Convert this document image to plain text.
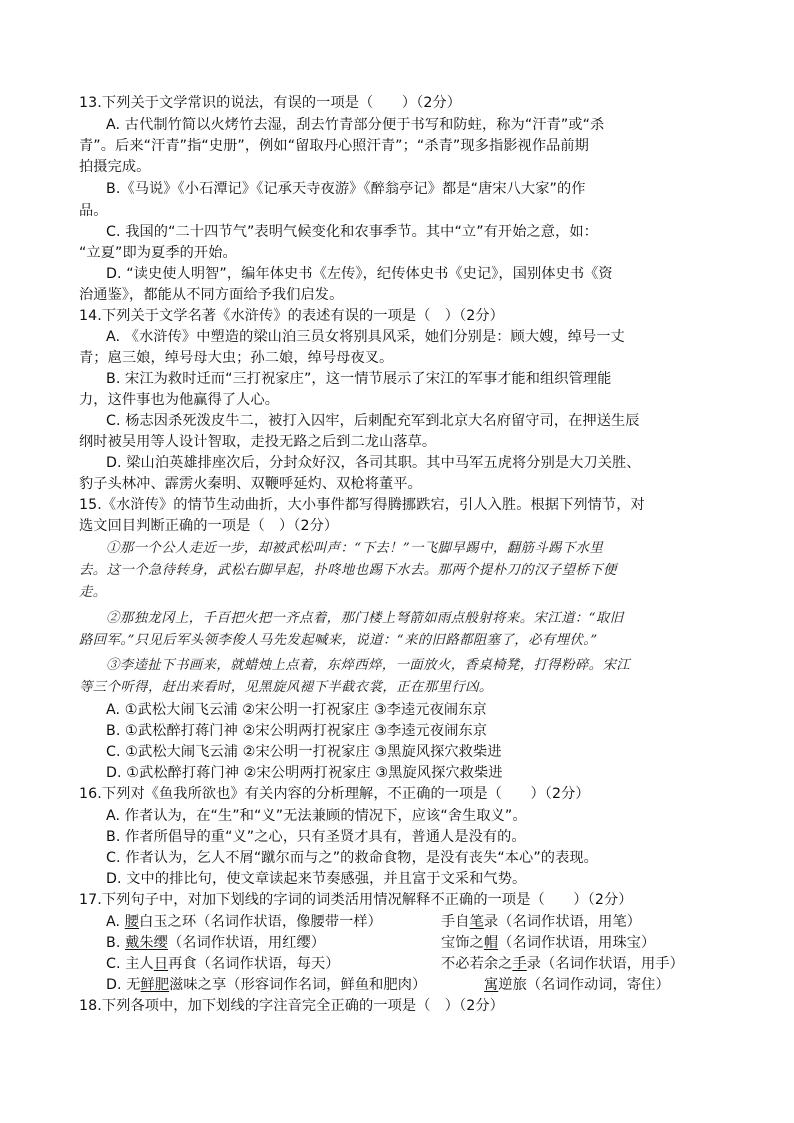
13.下列关于文学常识的说法，有误的一项是（　　）（2分）
A. 古代制竹简以火烤竹去湿，刮去竹青部分便于书写和防蛀，称为“汗青”或“杀
青”。后来“汗青”指“史册”，例如“留取丹心照汗青”；“杀青”现多指影视作品前期
拍摄完成。
B.《马说》《小石潭记》《记承天寺夜游》《醉翁亭记》都是“唐宋八大家”的作
品。
C. 我国的“二十四节气”表明气候变化和农事季节。其中“立”有开始之意，如：
“立夏”即为夏季的开始。
D. “读史使人明智”，编年体史书《左传》，纪传体史书《史记》，国别体史书《资
治通鉴》，都能从不同方面给予我们启发。
14.下列关于文学名著《水浒传》的表述有误的一项是（　）（2分）
A. 《水浒传》中塑造的梁山泊三员女将别具风采，她们分别是：顾大嫂，绰号一丈
青；扈三娘，绰号母大虫；孙二娘，绰号母夜叉。
B. 宋江为救时迁而“三打祝家庄”，这一情节展示了宋江的军事才能和组织管理能
力，这件事也为他赢得了人心。
C. 杨志因杀死泼皮牛二，被打入囚牢，后刺配充军到北京大名府留守司，在押送生辰
纲时被吴用等人设计智取，走投无路之后到二龙山落草。
D. 梁山泊英雄排座次后，分封众好汉，各司其职。其中马军五虎将分别是大刀关胜、
豹子头林冲、霹雳火秦明、双鞭呼延灼、双枪将董平。
15.《水浒传》的情节生动曲折，大小事件都写得腾挪跌宕，引人入胜。根据下列情节，对
选文回目判断正确的一项是（　）（2分）
①那一个公人走近一步，却被武松叫声：“下去！”一飞脚早踢中，翻筋斗踢下水里
去。这一个急待转身，武松右脚早起，扑咚地也踢下水去。那两个提朴刀的汉子望桥下便
走。
②那独龙冈上，千百把火把一齐点着，那门楼上弩箭如雨点般射将来。宋江道：“取旧
路回军。”只见后军头领李俊人马先发起喊来，说道：“来的旧路都阻塞了，必有埋伏。”
③李逵扯下书画来，就蜡烛上点着，东焠西焠，一面放火，香桌椅凳，打得粉碎。宋江
等三个听得，赶出来看时，见黑旋风褪下半截衣裳，正在那里行凶。
A. ①武松大闹飞云浦 ②宋公明一打祝家庄 ③李逵元夜闹东京
B. ①武松醉打蒋门神 ②宋公明两打祝家庄 ③李逵元夜闹东京
C. ①武松大闹飞云浦 ②宋公明一打祝家庄 ③黑旋风探穴救柴进
D. ①武松醉打蒋门神 ②宋公明两打祝家庄 ③黑旋风探穴救柴进
16.下列对《鱼我所欲也》有关内容的分析理解，不正确的一项是（　　）（2分）
A. 作者认为，在“生”和“义”无法兼顾的情况下，应该“舍生取义”。
B. 作者所倡导的重“义”之心，只有圣贤才具有，普通人是没有的。
C. 作者认为，乞人不屑“蹴尔而与之”的救命食物，是没有丧失“本心”的表现。
D. 文中的排比句，使文章读起来节奏感强，并且富于文采和气势。
17.下列句子中，对加下划线的字词的词类活用情况解释不正确的一项是（　　）（2分）
A. 腰白玉之环（名词作状语，像腰带一样）	手自笔录（名词作状语，用笔）
B. 戴朱缨（名词作状语，用红缨）	宝饰之帽（名词作状语，用珠宝）
C. 主人日再食（名词作状语，每天）	不必若余之手录（名词作状语，用手）
D. 无鲜肥滋味之享（形容词作名词，鲜鱼和肥肉）	寓逆旅（名词作动词，寄住）
18.下列各项中，加下划线的字注音完全正确的一项是（　）（2分）
